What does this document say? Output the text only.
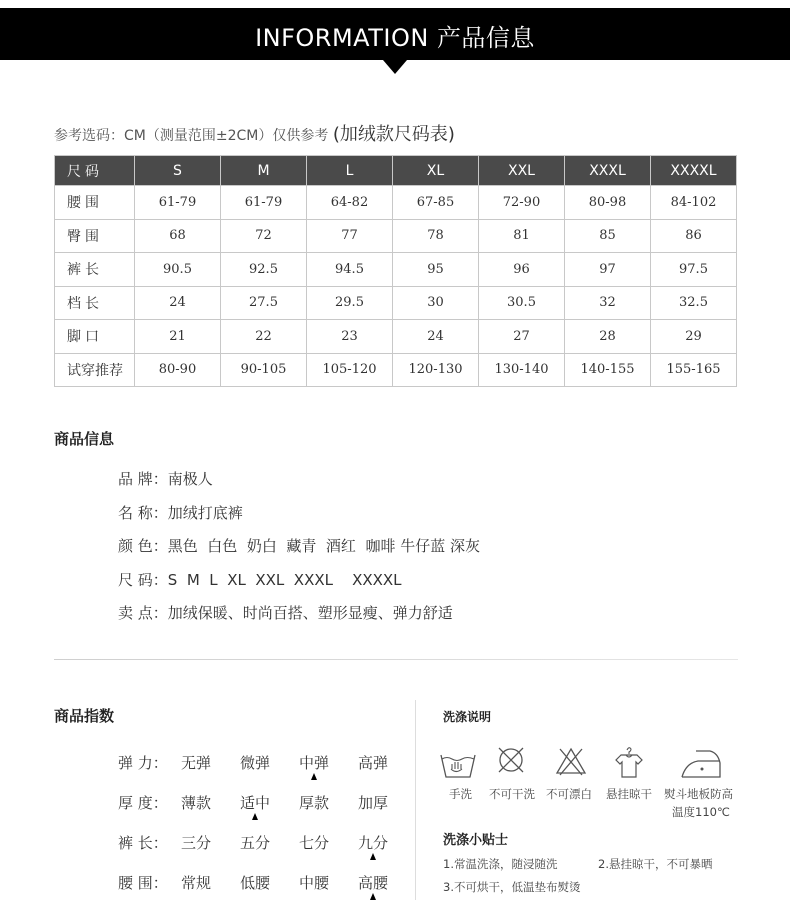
INFORMATION 产品信息
参考选码：CM（测量范围±2CM）仅供参考 (加绒款尺码表)
尺码	S	M	L	XL	XXL	XXXL	XXXXL
腰围	61-79	61-79	64-82	67-85	72-90	80-98	84-102
臀围	68	72	77	78	81	85	86
裤长	90.5	92.5	94.5	95	96	97	97.5
档长	24	27.5	29.5	30	30.5	32	32.5
脚口	21	22	23	24	27	28	29
试穿推荐	80-90	90-105	105-120	120-130	130-140	140-155	155-165
商品信息
品 牌：南极人
名 称：加绒打底裤
颜 色：黑色  白色  奶白  藏青  酒红  咖啡 牛仔蓝 深灰
尺 码：S  M  L  XL  XXL  XXXL    XXXXL
卖 点：加绒保暖、时尚百搭、塑形显瘦、弹力舒适
商品指数
弹 力： 无弹 微弹 中弹 高弹
厚 度： 薄款 适中 厚款 加厚
裤 长： 三分 五分 七分 九分
腰 围： 常规 低腰 中腰 高腰
洗涤说明
手洗 不可干洗 不可漂白 悬挂晾干 熨斗地板防高
温度110℃
洗涤小贴士
1.常温洗涤，随浸随洗	2.悬挂晾干，不可暴晒
3.不可烘干，低温垫布熨烫
